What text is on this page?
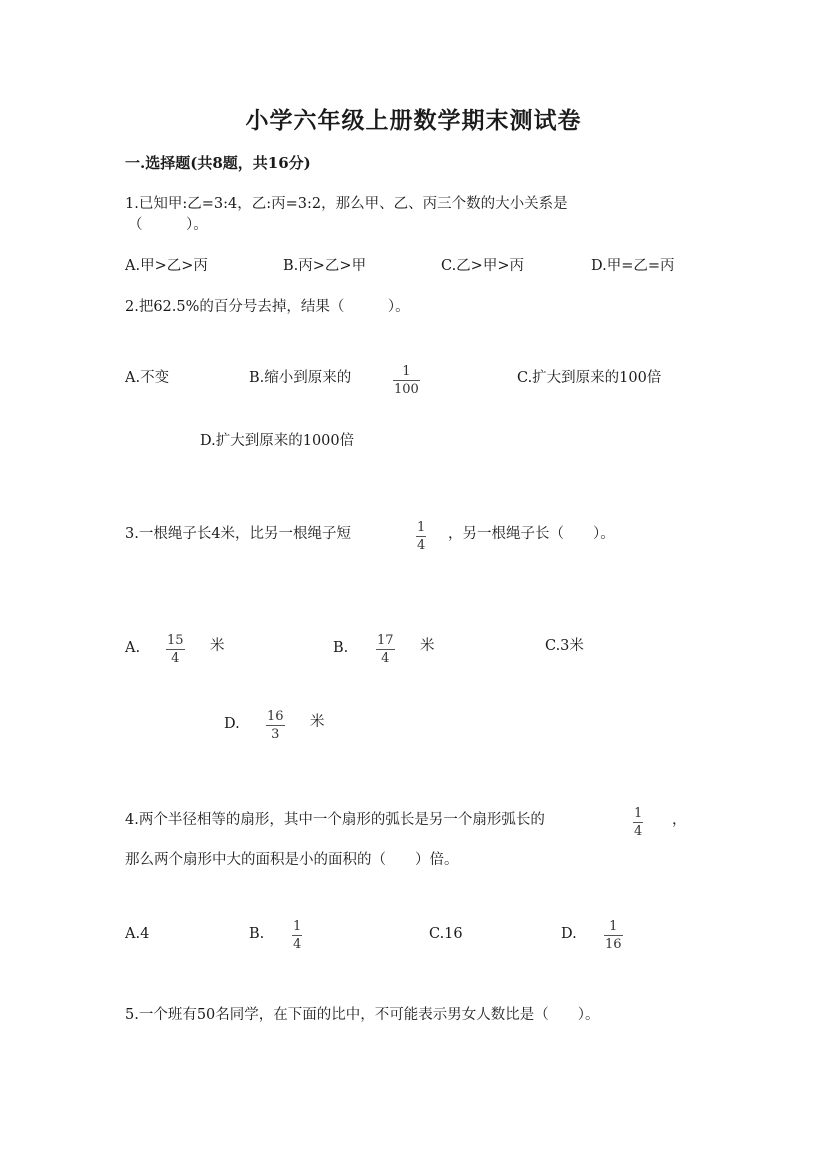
小学六年级上册数学期末测试卷
一.选择题(共8题，共16分)
1.已知甲:乙=3:4，乙:丙=3:2，那么甲、乙、丙三个数的大小关系是
（　　　）。
A.甲>乙>丙	B.丙>乙>甲	C.乙>甲>丙	D.甲=乙=丙
2.把62.5%的百分号去掉，结果（　　　）。
A.不变	B.缩小到原来的	1
100
C.扩大到原来的100倍
D.扩大到原来的1000倍
3.一根绳子长4米，比另一根绳子短	1
4
，另一根绳子长（　　）。
A. 15
4
米	B. 17
4
米	C.3米
D. 16
3
米
4.两个半径相等的扇形，其中一个扇形的弧长是另一个扇形弧长的	1
4
，
那么两个扇形中大的面积是小的面积的（　　）倍。
A.4	B. 1
4
C.16	D. 1
16
5.一个班有50名同学，在下面的比中，不可能表示男女人数比是（　　）。
